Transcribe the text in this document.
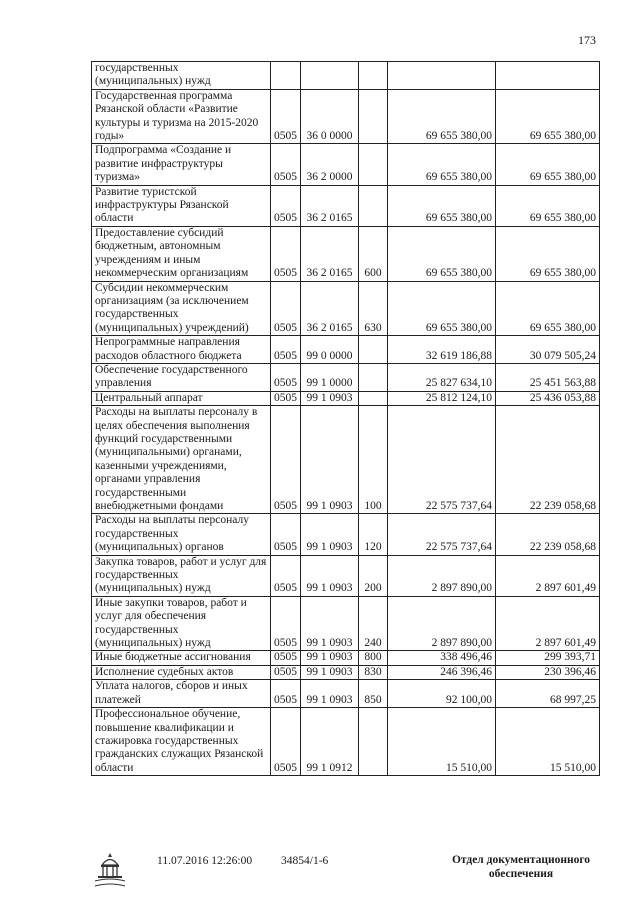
173
государственных (муниципальных) нужд					
Государственная программа Рязанской области «Развитие культуры и туризма на 2015-2020 годы»	0505	36 0 0000		69 655 380,00	69 655 380,00
Подпрограмма «Создание и развитие инфраструктуры туризма»	0505	36 2 0000		69 655 380,00	69 655 380,00
Развитие туристской инфраструктуры Рязанской области	0505	36 2 0165		69 655 380,00	69 655 380,00
Предоставление субсидий бюджетным, автономным учреждениям и иным некоммерческим организациям	0505	36 2 0165	600	69 655 380,00	69 655 380,00
Субсидии некоммерческим организациям (за исключением государственных (муниципальных) учреждений)	0505	36 2 0165	630	69 655 380,00	69 655 380,00
Непрограммные направления расходов областного бюджета	0505	99 0 0000		32 619 186,88	30 079 505,24
Обеспечение государственного управления	0505	99 1 0000		25 827 634,10	25 451 563,88
Центральный аппарат	0505	99 1 0903		25 812 124,10	25 436 053,88
Расходы на выплаты персоналу в целях обеспечения выполнения функций государственными (муниципальными) органами, казенными учреждениями, органами управления государственными внебюджетными фондами	0505	99 1 0903	100	22 575 737,64	22 239 058,68
Расходы на выплаты персоналу государственных (муниципальных) органов	0505	99 1 0903	120	22 575 737,64	22 239 058,68
Закупка товаров, работ и услуг для государственных (муниципальных) нужд	0505	99 1 0903	200	2 897 890,00	2 897 601,49
Иные закупки товаров, работ и услуг для обеспечения государственных (муниципальных) нужд	0505	99 1 0903	240	2 897 890,00	2 897 601,49
Иные бюджетные ассигнования	0505	99 1 0903	800	338 496,46	299 393,71
Исполнение судебных актов	0505	99 1 0903	830	246 396,46	230 396,46
Уплата налогов, сборов и иных платежей	0505	99 1 0903	850	92 100,00	68 997,25
Профессиональное обучение, повышение квалификации и стажировка государственных гражданских служащих Рязанской области	0505	99 1 0912		15 510,00	15 510,00
11.07.2016 12:26:00	34854/1-6	Отдел документационного обеспечения
